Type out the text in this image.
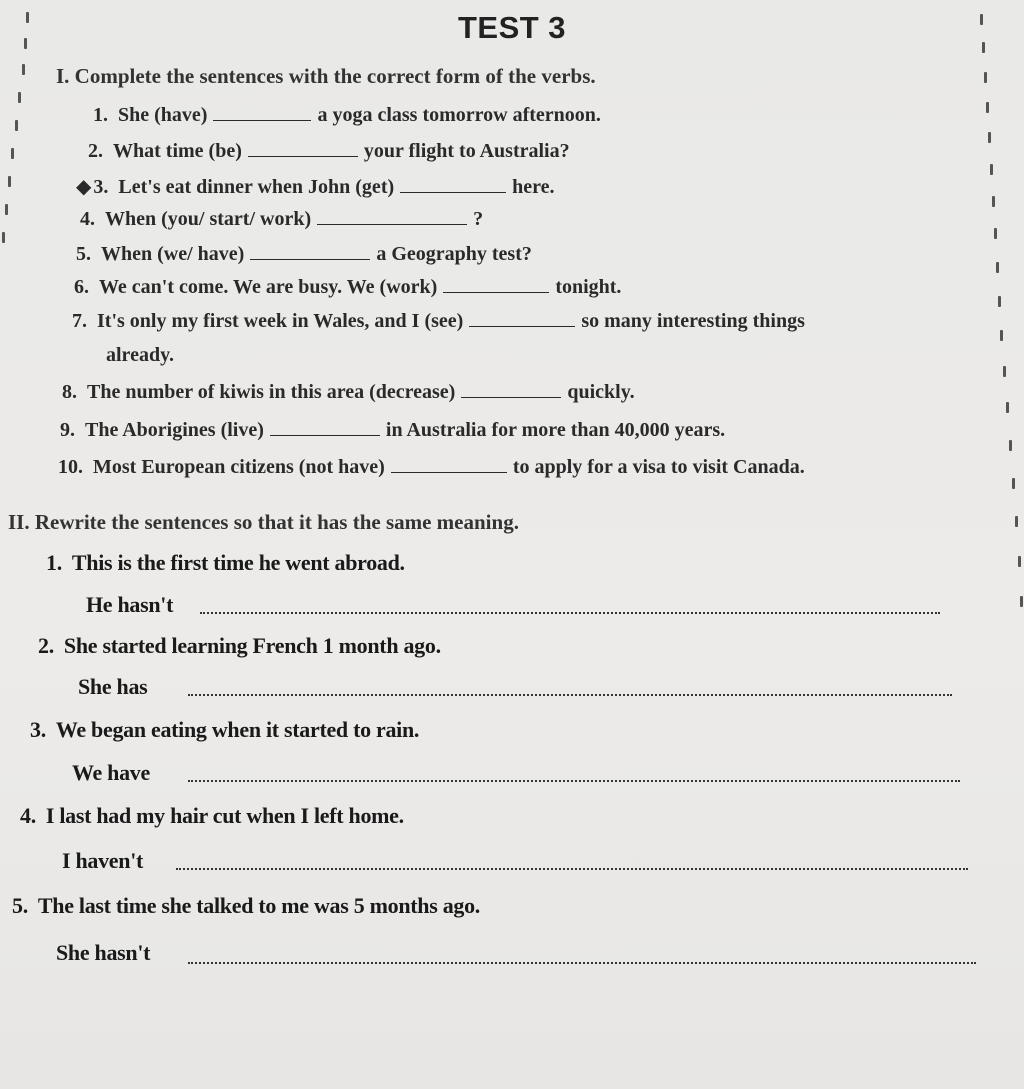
TEST 3
I. Complete the sentences with the correct form of the verbs.
1. She (have)	a yoga class tomorrow afternoon.
2. What time (be)	your flight to Australia?
◆ 3. Let's eat dinner when John (get)	here.
4. When (you/ start/ work)	?
5. When (we/ have)	a Geography test?
6. We can't come. We are busy. We (work)	tonight.
7. It's only my first week in Wales, and I (see)	so many interesting things
already.
8. The number of kiwis in this area (decrease)	quickly.
9. The Aborigines (live)	in Australia for more than 40,000 years.
10. Most European citizens (not have)	to apply for a visa to visit Canada.
II. Rewrite the sentences so that it has the same meaning.
1. This is the first time he went abroad.
He hasn't
2. She started learning French 1 month ago.
She has
3. We began eating when it started to rain.
We have
4. I last had my hair cut when I left home.
I haven't
5. The last time she talked to me was 5 months ago.
She hasn't
